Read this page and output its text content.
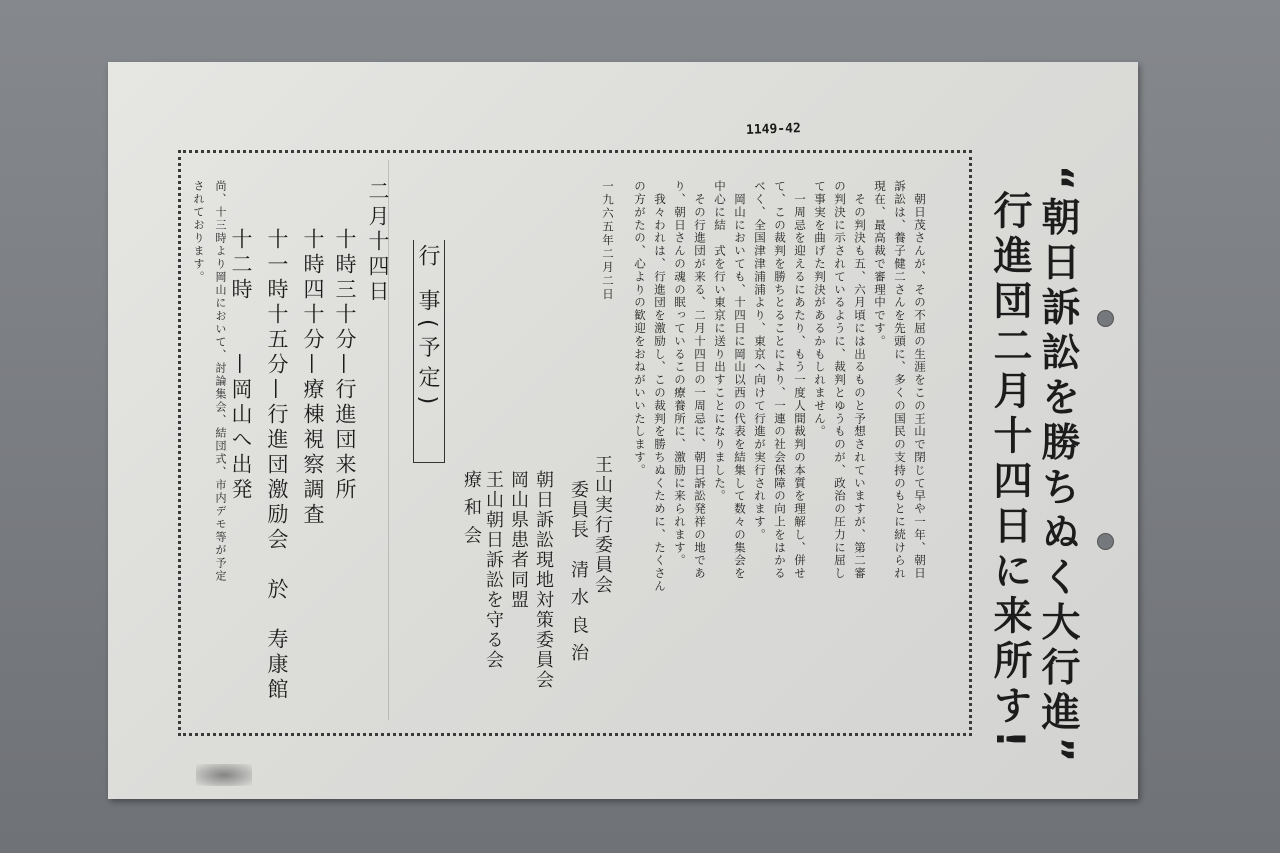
1149-42
“朝日訴訟を勝ちぬく大行進”
行進団二月十四日に来所す!
　朝日茂さんが、その不屈の生涯をこの王山で閉じて早や一年、朝日
訴訟は、養子健二さんを先頭に、多くの国民の支持のもとに続けられ
現在、最高裁で審理中です。
　その判決も五、六月頃には出るものと予想されていますが、第二審
の判決に示されているように、裁判とゆうものが、政治の圧力に屈し
て事実を曲げた判決があるかもしれません。
　一周忌を迎えるにあたり、もう一度人間裁判の本質を理解し、併せ
て、この裁判を勝ちとることにより、一連の社会保障の向上をはかる
べく、全国津津浦浦より、東京へ向けて行進が実行されます。
　岡山においても、十四日に岡山以西の代表を結集して数々の集会を
中心に結　式を行い東京に送り出すことになりました。
　その行進団が来る、二月十四日の一周忌に、朝日訴訟発祥の地であ
り、朝日さんの魂の眠っているこの療養所に、激励に来られます。
　我々われは、行進団を激励し、この裁判を勝ちぬくために、たくさん
の方がたの、心よりの歓迎をおねがいいたします。
一九六五年二月二日
王山実行委員会
委員長　清 水 良 治
朝日訴訟現地対策委員会
岡山県患者同盟
王山朝日訴訟を守る会
療 和 会
行 事(予定)
二月十四日
十時三十分—行進団来所
十時四十分—療棟視察調査
十一時十五分—行進団激励会　於　寿康館
十二時　　—岡山へ出発
尚、十三時より岡山において、討論集会、結団式、市内デモ等が予定
されております。
